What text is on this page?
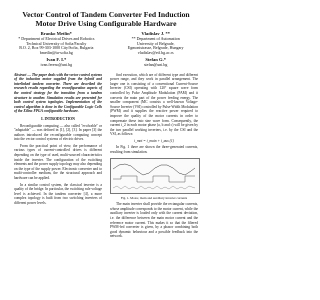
Vector Control of Tandem Converter Fed Induction Motor Drive Using Configurable Hardware
Branko Metlin*
* Department of Electrical Drives and Robotics
Technical University of Sofia/Faculty
B.O. 2, Box 99-303-1000 City/Sofia, Bulgaria
bmetlin@tu-sofia.bg
Vladislav J. **
** Department of Automation
University of Belgrade,
Egmontstrasse, Belgrade, Hungary
vladislav@etf.bg.ac.rs
Ivan F. I.*
ivan.ferenc@uni.bg
Stefan G.*
stefan@uni.bg
Abstract — The paper deals with the vector control systems of the induction motor supplied from the hybrid and interlinked tandem converter. There are described the research results regarding the reconfiguration aspects of the control strategy for the transition from a tandem structure to another. Simulation results are presented for both control system topologies. Implementation of the control algorithm is done in the Configurable Logic Cells of the Xilinx FPGA configurable hardware.
I. INTRODUCTION
Reconfigurable computing — also called "evolvable" or "adaptable" — was defined in [1], [2], [3]. In paper [3] the authors introduced the reconfigurable computing concept into the vector control systems of electric drives.
From the practical point of view, the performance of various types of current-controlled drives is different depending on the type of used, multi-sourced characteristics inside the inverter. The configuration of the switching elements and the power supply topology may also depending on the type of the supply power. Electronic converter and to multi-controller medium, the the structural approach and hardware can be applied.
In a similar control system, the classical inverter is a quality of the bridge. In particular, the switching rule voltage level is achieved. In the tandem converter [4], a more complex topology is built from two switching inverters of different power levels.
find execution, which are of different type and different power range, and they work in parallel arrangement. The larger one is consisting of a conventional Current-Source Inverter (CSI) operating with 120° square wave form controlled by Pulse Amplitude Modulation (PAM) and it converts the main part of the power feeding energy. The smaller component (MC consists a well-known Voltage-Source Inverter (VSI) controlled by Pulse-Width Modulation (PWM) and it supplies the reactive power required to improve the quality of the motor currents in order to compensate these into sine wave form. Consequently, the current i_2 in each motor phase (a, b and c) will be given by the two parallel working inverters, i.e. by the CSI and the VSI, as follows:
i_mot = i_main + i_aux (1)
In Fig. 1 there are shown the three-generated currents, resulting from simulation.
Fig. 1. Motor, main and auxiliary inverter currents
The main inverter shall provide the rectangular currents, whose amplitude corresponds to the motor current, while the auxiliary inverter is loaded only with the current deviation, i.e. the difference between the main motor current and the reference motor current. This makes it so that the filtered PWM-fed converter is given, by a phasor combining both good dynamic behaviour and a possible feedback into the network.
